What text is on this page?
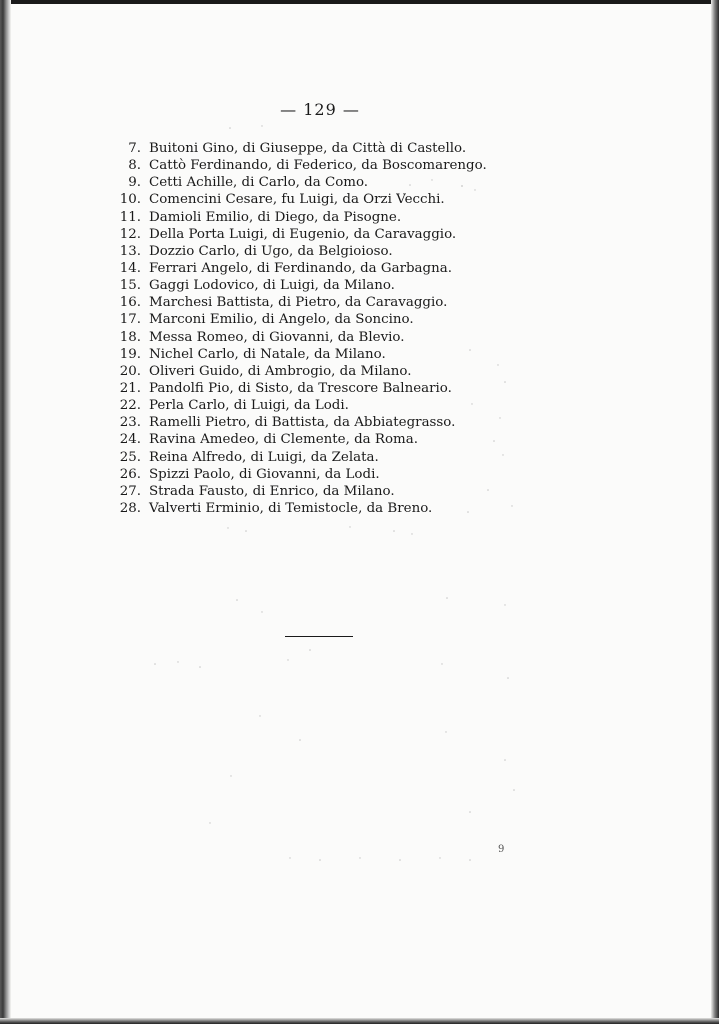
— 129 —
7. Buitoni Gino, di Giuseppe, da Città di Castello.
8. Cattò Ferdinando, di Federico, da Boscomarengo.
9. Cetti Achille, di Carlo, da Como.
10. Comencini Cesare, fu Luigi, da Orzi Vecchi.
11. Damioli Emilio, di Diego, da Pisogne.
12. Della Porta Luigi, di Eugenio, da Caravaggio.
13. Dozzio Carlo, di Ugo, da Belgioioso.
14. Ferrari Angelo, di Ferdinando, da Garbagna.
15. Gaggi Lodovico, di Luigi, da Milano.
16. Marchesi Battista, di Pietro, da Caravaggio.
17. Marconi Emilio, di Angelo, da Soncino.
18. Messa Romeo, di Giovanni, da Blevio.
19. Nichel Carlo, di Natale, da Milano.
20. Oliveri Guido, di Ambrogio, da Milano.
21. Pandolfi Pio, di Sisto, da Trescore Balneario.
22. Perla Carlo, di Luigi, da Lodi.
23. Ramelli Pietro, di Battista, da Abbiategrasso.
24. Ravina Amedeo, di Clemente, da Roma.
25. Reina Alfredo, di Luigi, da Zelata.
26. Spizzi Paolo, di Giovanni, da Lodi.
27. Strada Fausto, di Enrico, da Milano.
28. Valverti Erminio, di Temistocle, da Breno.
9
